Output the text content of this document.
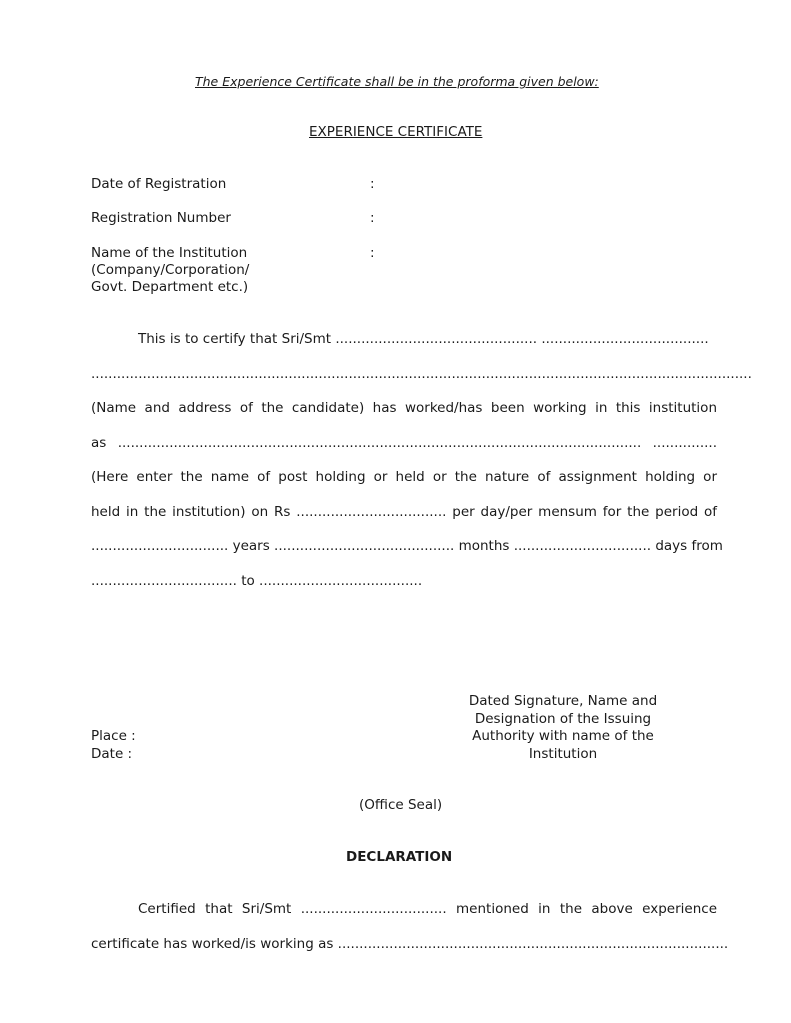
The Experience Certificate shall be in the proforma given below:
EXPERIENCE CERTIFICATE
Date of Registration	:
Registration Number	:
Name of the Institution	:
(Company/Corporation/
Govt. Department etc.)
This is to certify that Sri/Smt ............................................... .......................................
..........................................................................................................................................................
(Name and address of the candidate) has worked/has been working in this institution
as .......................................................................................................................... ...............
(Here enter the name of post holding or held or the nature of assignment holding or
held in the institution) on Rs ................................... per day/per mensum for the period of
................................ years .......................................... months ................................ days from
.................................. to ......................................
Dated Signature, Name and
Designation of the Issuing
Authority with name of the
Institution
Place :
Date :
(Office Seal)
DECLARATION
Certified that Sri/Smt .................................. mentioned in the above experience
certificate has worked/is working as ...........................................................................................
